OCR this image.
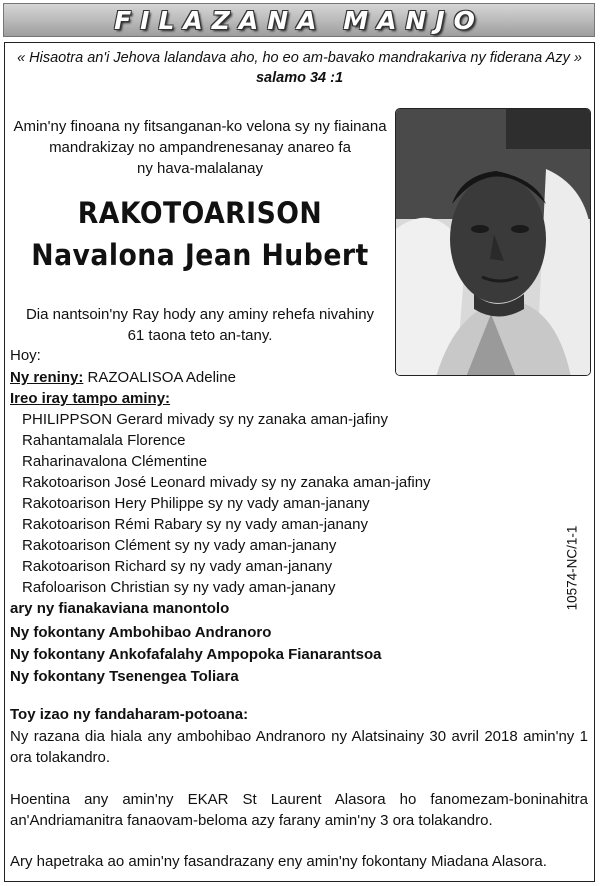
FILAZANA MANJO
« Hisaotra an'i Jehova lalandava aho, ho eo am-bavako mandrakariva ny fiderana Azy »
salamo 34 :1
Amin'ny finoana ny fitsanganan-ko velona sy ny fiainana
mandrakizay no ampandrenesanay anareo fa
ny hava-malalanay
RAKOTOARISON
Navalona Jean Hubert
Dia nantsoin'ny Ray hody any aminy rehefa nivahiny
61 taona teto an-tany.
Hoy:
Ny reniny: RAZOALISOA Adeline
Ireo iray tampo aminy:
PHILIPPSON Gerard mivady sy ny zanaka aman-jafiny
Rahantamalala Florence
Raharinavalona Clémentine
Rakotoarison José Leonard mivady sy ny zanaka aman-jafiny
Rakotoarison Hery Philippe sy ny vady aman-janany
Rakotoarison Rémi Rabary sy ny vady aman-janany
Rakotoarison Clément sy ny vady aman-janany
Rakotoarison Richard sy ny vady aman-janany
Rafoloarison Christian sy ny vady aman-janany
ary ny fianakaviana manontolo
Ny fokontany Ambohibao Andranoro
Ny fokontany Ankofafalahy Ampopoka Fianarantsoa
Ny fokontany Tsenengea Toliara
10574-NC/1-1
Toy izao ny fandaharam-potoana:
Ny razana dia hiala any ambohibao Andranoro ny Alatsinainy 30 avril 2018 amin'ny 1 ora tolakandro.
Hoentina any amin'ny EKAR St Laurent Alasora ho fanomezam-boninahitra an'Andriamanitra fanaovam-beloma azy farany amin'ny 3 ora tolakandro.
Ary hapetraka ao amin'ny fasandrazany eny amin'ny fokontany Miadana Alasora.
